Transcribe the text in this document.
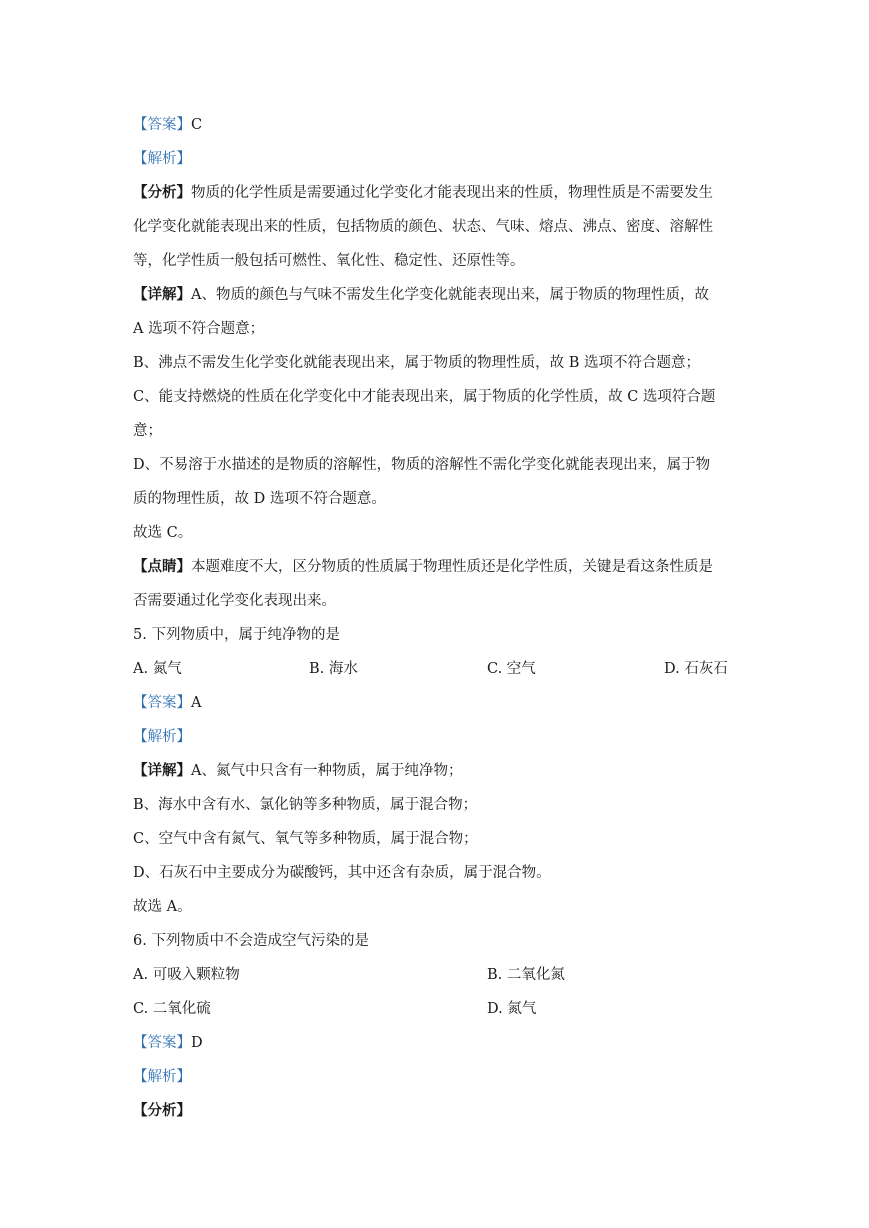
【答案】C
【解析】
【分析】物质的化学性质是需要通过化学变化才能表现出来的性质，物理性质是不需要发生
化学变化就能表现出来的性质，包括物质的颜色、状态、气味、熔点、沸点、密度、溶解性
等，化学性质一般包括可燃性、氧化性、稳定性、还原性等。
【详解】A、物质的颜色与气味不需发生化学变化就能表现出来，属于物质的物理性质，故
A 选项不符合题意；
B、沸点不需发生化学变化就能表现出来，属于物质的物理性质，故 B 选项不符合题意；
C、能支持燃烧的性质在化学变化中才能表现出来，属于物质的化学性质，故 C 选项符合题
意；
D、不易溶于水描述的是物质的溶解性，物质的溶解性不需化学变化就能表现出来，属于物
质的物理性质，故 D 选项不符合题意。
故选 C。
【点睛】本题难度不大，区分物质的性质属于物理性质还是化学性质，关键是看这条性质是
否需要通过化学变化表现出来。
5. 下列物质中，属于纯净物的是
A. 氮气	B. 海水	C. 空气	D. 石灰石
【答案】A
【解析】
【详解】A、氮气中只含有一种物质，属于纯净物；
B、海水中含有水、氯化钠等多种物质，属于混合物；
C、空气中含有氮气、氧气等多种物质，属于混合物；
D、石灰石中主要成分为碳酸钙，其中还含有杂质，属于混合物。
故选 A。
6. 下列物质中不会造成空气污染的是
A. 可吸入颗粒物	B. 二氧化氮
C. 二氧化硫	D. 氮气
【答案】D
【解析】
【分析】
